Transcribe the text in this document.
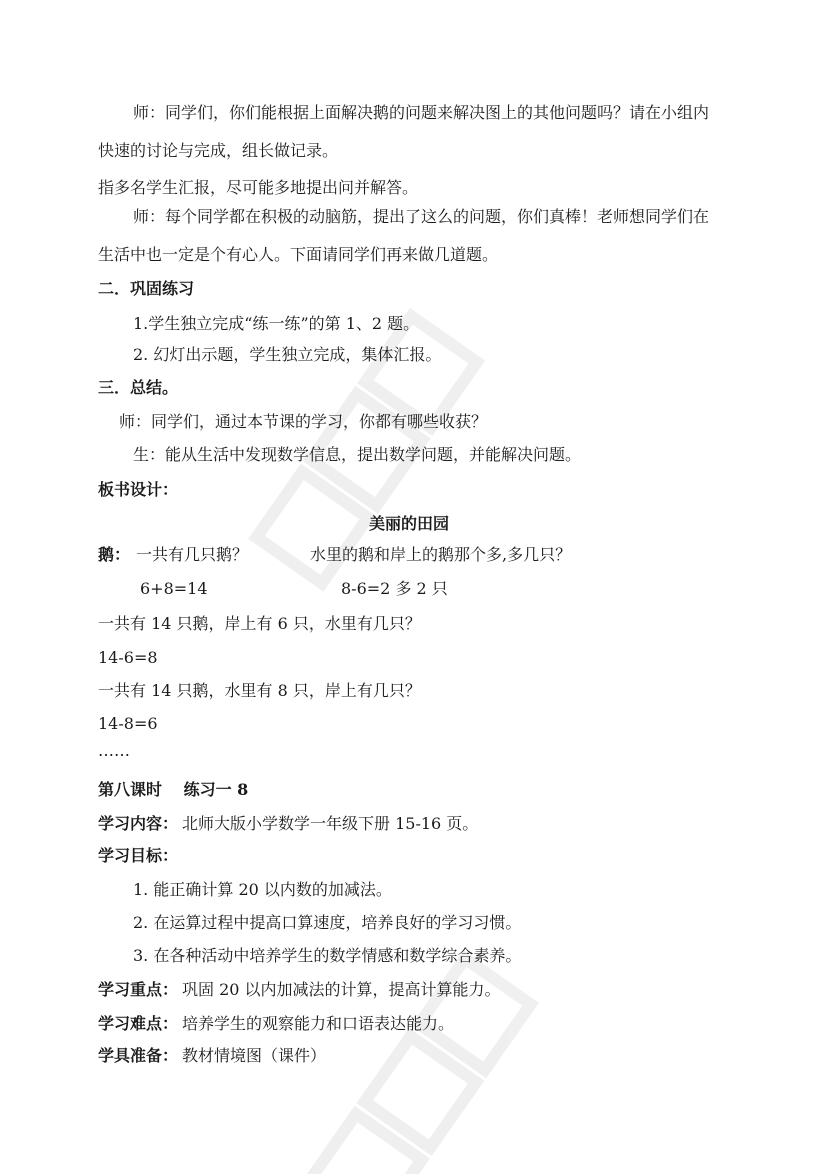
师：同学们，你们能根据上面解决鹅的问题来解决图上的其他问题吗？请在小组内
快速的讨论与完成，组长做记录。
指多名学生汇报，尽可能多地提出问并解答。
师：每个同学都在积极的动脑筋，提出了这么的问题，你们真棒！老师想同学们在
生活中也一定是个有心人。下面请同学们再来做几道题。
二．巩固练习
1.学生独立完成“练一练”的第 1、2 题。
2. 幻灯出示题，学生独立完成，集体汇报。
三．总结。
师：同学们，通过本节课的学习，你都有哪些收获？
生：能从生活中发现数学信息，提出数学问题，并能解决问题。
板书设计：
美丽的田园
鹅： 一共有几只鹅？	水里的鹅和岸上的鹅那个多,多几只？
6+8=14	8-6=2 多 2 只
一共有 14 只鹅，岸上有 6 只，水里有几只？
14-6=8
一共有 14 只鹅，水里有 8 只，岸上有几只？
14-8=6
……
第八课时　 练习一 8
学习内容： 北师大版小学数学一年级下册 15-16 页。
学习目标：
1. 能正确计算 20 以内数的加减法。
2. 在运算过程中提高口算速度，培养良好的学习习惯。
3. 在各种活动中培养学生的数学情感和数学综合素养。
学习重点： 巩固 20 以内加减法的计算，提高计算能力。
学习难点： 培养学生的观察能力和口语表达能力。
学具准备： 教材情境图（课件）
